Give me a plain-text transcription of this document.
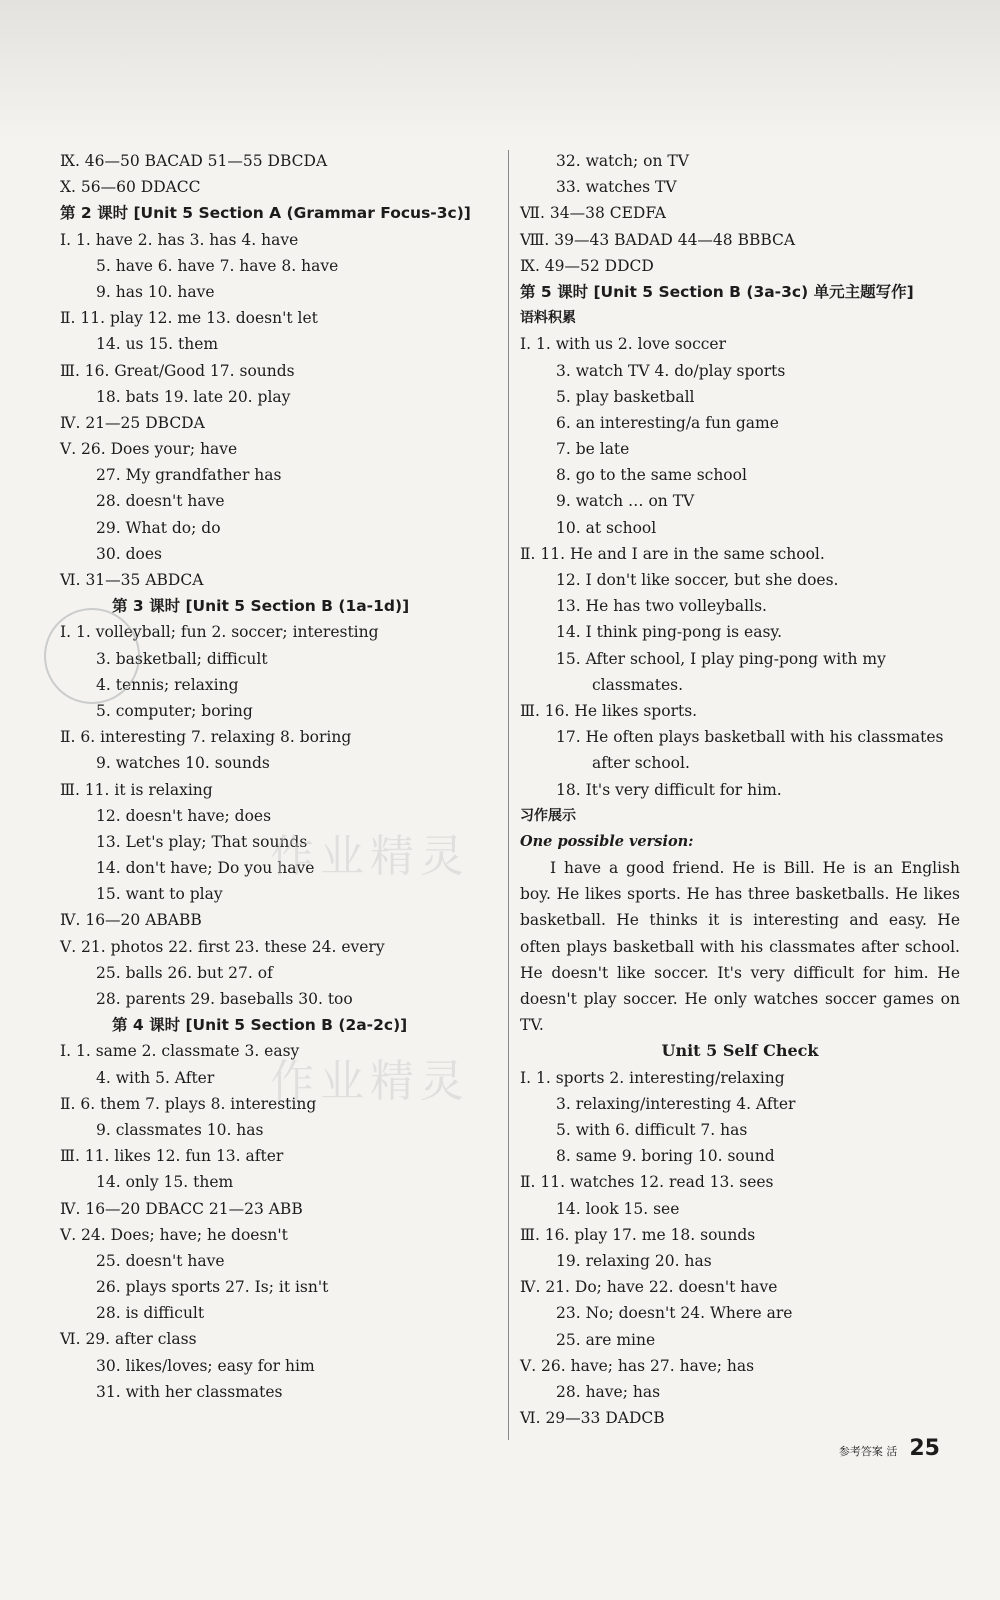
Ⅸ. 46—50 BACAD 51—55 DBCDA
Ⅹ. 56—60 DDACC
第 2 课时 [Unit 5 Section A (Grammar Focus-3c)]
Ⅰ. 1. have 2. has 3. has 4. have
5. have 6. have 7. have 8. have
9. has 10. have
Ⅱ. 11. play 12. me 13. doesn't let
14. us 15. them
Ⅲ. 16. Great/Good 17. sounds
18. bats 19. late 20. play
Ⅳ. 21—25 DBCDA
Ⅴ. 26. Does your; have
27. My grandfather has
28. doesn't have
29. What do; do
30. does
Ⅵ. 31—35 ABDCA
第 3 课时 [Unit 5 Section B (1a-1d)]
Ⅰ. 1. volleyball; fun 2. soccer; interesting
3. basketball; difficult
4. tennis; relaxing
5. computer; boring
Ⅱ. 6. interesting 7. relaxing 8. boring
9. watches 10. sounds
Ⅲ. 11. it is relaxing
12. doesn't have; does
13. Let's play; That sounds
14. don't have; Do you have
15. want to play
Ⅳ. 16—20 ABABB
Ⅴ. 21. photos 22. first 23. these 24. every
25. balls 26. but 27. of
28. parents 29. baseballs 30. too
第 4 课时 [Unit 5 Section B (2a-2c)]
Ⅰ. 1. same 2. classmate 3. easy
4. with 5. After
Ⅱ. 6. them 7. plays 8. interesting
9. classmates 10. has
Ⅲ. 11. likes 12. fun 13. after
14. only 15. them
Ⅳ. 16—20 DBACC 21—23 ABB
Ⅴ. 24. Does; have; he doesn't
25. doesn't have
26. plays sports 27. Is; it isn't
28. is difficult
Ⅵ. 29. after class
30. likes/loves; easy for him
31. with her classmates
32. watch; on TV
33. watches TV
Ⅶ. 34—38 CEDFA
Ⅷ. 39—43 BADAD 44—48 BBBCA
Ⅸ. 49—52 DDCD
第 5 课时 [Unit 5 Section B (3a-3c) 单元主题写作]
语料积累
Ⅰ. 1. with us 2. love soccer
3. watch TV 4. do/play sports
5. play basketball
6. an interesting/a fun game
7. be late
8. go to the same school
9. watch … on TV
10. at school
Ⅱ. 11. He and I are in the same school.
12. I don't like soccer, but she does.
13. He has two volleyballs.
14. I think ping-pong is easy.
15. After school, I play ping-pong with my
classmates.
Ⅲ. 16. He likes sports.
17. He often plays basketball with his classmates
after school.
18. It's very difficult for him.
习作展示
One possible version:
I have a good friend. He is Bill. He is an English boy. He likes sports. He has three basketballs. He likes basketball. He thinks it is interesting and easy. He often plays basketball with his classmates after school. He doesn't like soccer. It's very difficult for him. He doesn't play soccer. He only watches soccer games on TV.
Unit 5 Self Check
Ⅰ. 1. sports 2. interesting/relaxing
3. relaxing/interesting 4. After
5. with 6. difficult 7. has
8. same 9. boring 10. sound
Ⅱ. 11. watches 12. read 13. sees
14. look 15. see
Ⅲ. 16. play 17. me 18. sounds
19. relaxing 20. has
Ⅳ. 21. Do; have 22. doesn't have
23. No; doesn't 24. Where are
25. are mine
Ⅴ. 26. have; has 27. have; has
28. have; has
Ⅵ. 29—33 DADCB
作业精灵
作业精灵
参考答案 活 25
